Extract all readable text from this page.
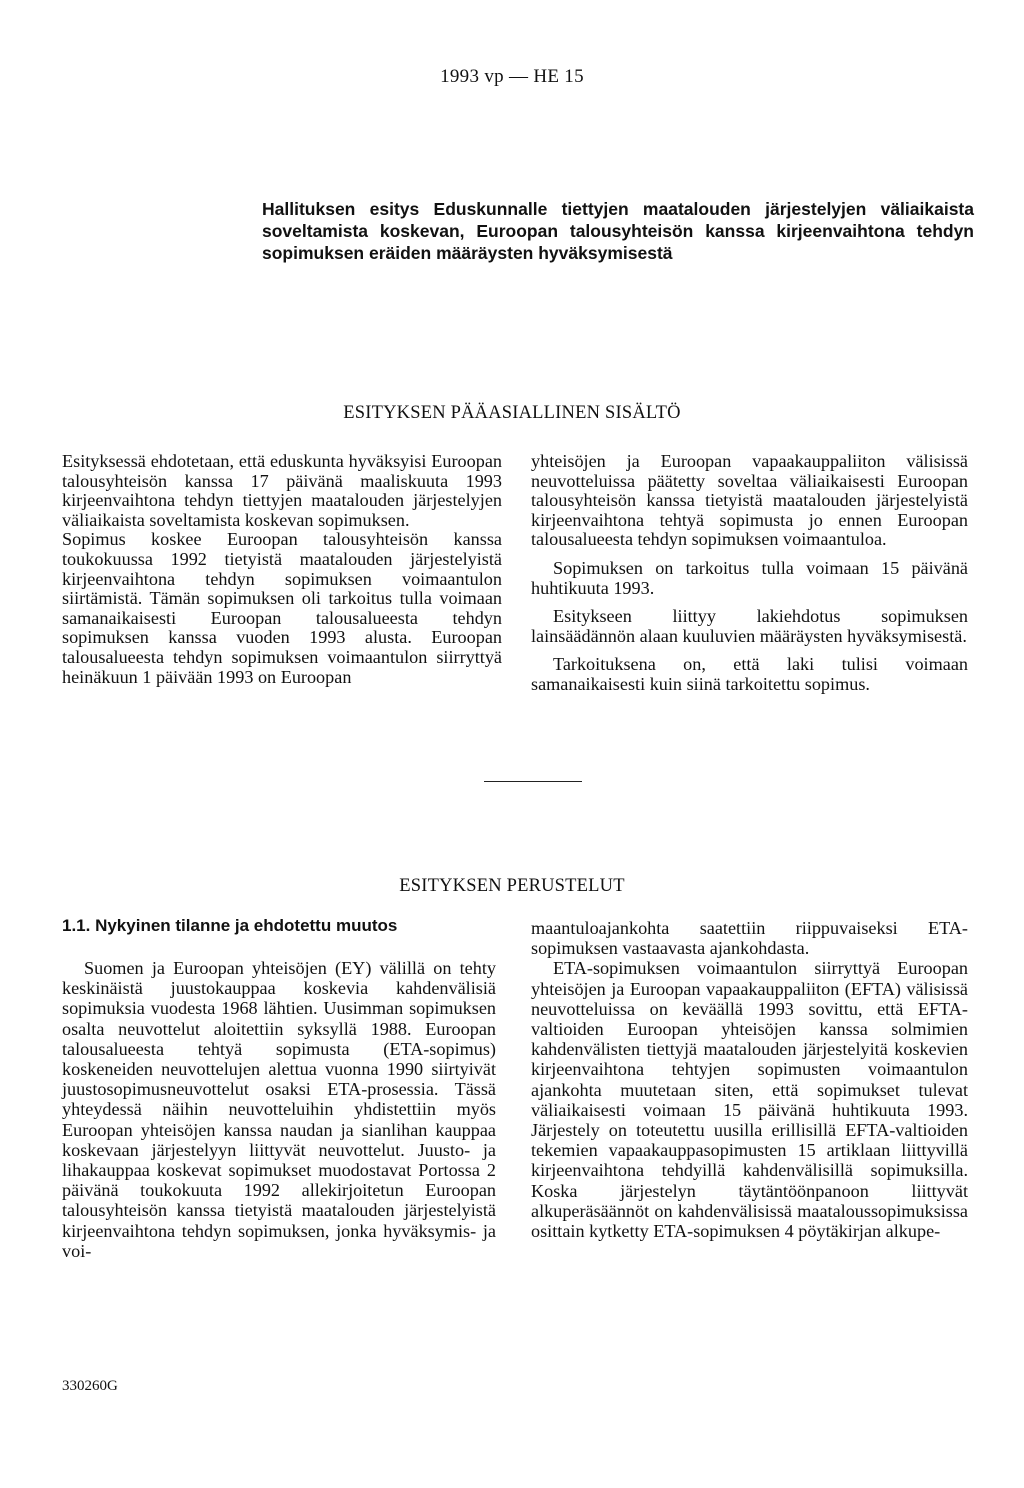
1993 vp — HE 15
Hallituksen esitys Eduskunnalle tiettyjen maatalouden järjestelyjen väliaikaista soveltamista koskevan, Euroopan talousyhteisön kanssa kirjeenvaihtona tehdyn sopimuksen eräiden määräysten hyväksymisestä
ESITYKSEN PÄÄASIALLINEN SISÄLTÖ

Esityksessä ehdotetaan, että eduskunta hyväksyisi Euroopan talousyhteisön kanssa 17 päivänä maaliskuuta 1993 kirjeenvaihtona tehdyn tiettyjen maatalouden järjestelyjen väliaikaista soveltamista koskevan sopimuksen.

Sopimus koskee Euroopan talousyhteisön kanssa toukokuussa 1992 tietyistä maatalouden järjestelyistä kirjeenvaihtona tehdyn sopimuksen voimaantulon siirtämistä. Tämän sopimuksen oli tarkoitus tulla voimaan samanaikaisesti Euroopan talousalueesta tehdyn sopimuksen kanssa vuoden 1993 alusta. Euroopan talousalueesta tehdyn sopimuksen voimaantulon siirryttyä heinäkuun 1 päivään 1993 on Euroopan

yhteisöjen ja Euroopan vapaakauppaliiton välisissä neuvotteluissa päätetty soveltaa väliaikaisesti Euroopan talousyhteisön kanssa tietyistä maatalouden järjestelyistä kirjeenvaihtona tehtyä sopimusta jo ennen Euroopan talousalueesta tehdyn sopimuksen voimaantuloa.

Sopimuksen on tarkoitus tulla voimaan 15 päivänä huhtikuuta 1993.

Esitykseen liittyy lakiehdotus sopimuksen lainsäädännön alaan kuuluvien määräysten hyväksymisestä.

Tarkoituksena on, että laki tulisi voimaan samanaikaisesti kuin siinä tarkoitettu sopimus.

ESITYKSEN PERUSTELUT
1.1. Nykyinen tilanne ja ehdotettu muutos

Suomen ja Euroopan yhteisöjen (EY) välillä on tehty keskinäistä juustokauppaa koskevia kahdenvälisiä sopimuksia vuodesta 1968 lähtien. Uusimman sopimuksen osalta neuvottelut aloitettiin syksyllä 1988. Euroopan talousalueesta tehtyä sopimusta (ETA-sopimus) koskeneiden neuvottelujen alettua vuonna 1990 siirtyivät juustosopimusneuvottelut osaksi ETA-prosessia. Tässä yhteydessä näihin neuvotteluihin yhdistettiin myös Euroopan yhteisöjen kanssa naudan ja sianlihan kauppaa koskevaan järjestelyyn liittyvät neuvottelut. Juusto- ja lihakauppaa koskevat sopimukset muodostavat Portossa 2 päivänä toukokuuta 1992 allekirjoitetun Euroopan talousyhteisön kanssa tietyistä maatalouden järjestelyistä kirjeenvaihtona tehdyn sopimuksen, jonka hyväksymis- ja voi-

maantuloajankohta saatettiin riippuvaiseksi ETA-sopimuksen vastaavasta ajankohdasta.

ETA-sopimuksen voimaantulon siirryttyä Euroopan yhteisöjen ja Euroopan vapaakauppaliiton (EFTA) välisissä neuvotteluissa on keväällä 1993 sovittu, että EFTA-valtioiden Euroopan yhteisöjen kanssa solmimien kahdenvälisten tiettyjä maatalouden järjestelyitä koskevien kirjeenvaihtona tehtyjen sopimusten voimaantulon ajankohta muutetaan siten, että sopimukset tulevat väliaikaisesti voimaan 15 päivänä huhtikuuta 1993. Järjestely on toteutettu uusilla erillisillä EFTA-valtioiden tekemien vapaakauppasopimusten 15 artiklaan liittyvillä kirjeenvaihtona tehdyillä kahdenvälisillä sopimuksilla. Koska järjestelyn täytäntöönpanoon liittyvät alkuperäsäännöt on kahdenvälisissä maataloussopimuksissa osittain kytketty ETA-sopimuksen 4 pöytäkirjan alkupe-

330260G
